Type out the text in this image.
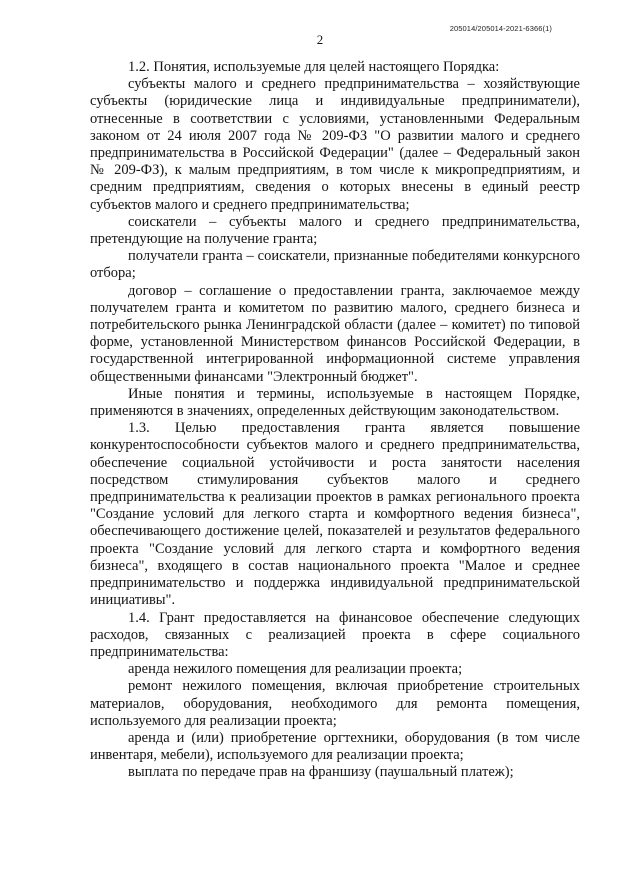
205014/205014-2021-6366(1)
2

1.2. Понятия, используемые для целей настоящего Порядка:

субъекты малого и среднего предпринимательства – хозяйствующие субъекты (юридические лица и индивидуальные предприниматели), отнесенные в соответствии с условиями, установленными Федеральным законом от 24 июля 2007 года № 209-ФЗ "О развитии малого и среднего предпринимательства в Российской Федерации" (далее – Федеральный закон № 209-ФЗ), к малым предприятиям, в том числе к микропредприятиям, и средним предприятиям, сведения о которых внесены в единый реестр субъектов малого и среднего предпринимательства;

соискатели – субъекты малого и среднего предпринимательства, претендующие на получение гранта;

получатели гранта – соискатели, признанные победителями конкурсного отбора;

договор – соглашение о предоставлении гранта, заключаемое между получателем гранта и комитетом по развитию малого, среднего бизнеса и потребительского рынка Ленинградской области (далее – комитет) по типовой форме, установленной Министерством финансов Российской Федерации, в государственной интегрированной информационной системе управления общественными финансами "Электронный бюджет".

Иные понятия и термины, используемые в настоящем Порядке, применяются в значениях, определенных действующим законодательством.

1.3. Целью предоставления гранта является повышение конкурентоспособности субъектов малого и среднего предпринимательства, обеспечение социальной устойчивости и роста занятости населения посредством стимулирования субъектов малого и среднего предпринимательства к реализации проектов в рамках регионального проекта "Создание условий для легкого старта и комфортного ведения бизнеса", обеспечивающего достижение целей, показателей и результатов федерального проекта "Создание условий для легкого старта и комфортного ведения бизнеса", входящего в состав национального проекта "Малое и среднее предпринимательство и поддержка индивидуальной предпринимательской инициативы".

1.4. Грант предоставляется на финансовое обеспечение следующих расходов, связанных с реализацией проекта в сфере социального предпринимательства:

аренда нежилого помещения для реализации проекта;

ремонт нежилого помещения, включая приобретение строительных материалов, оборудования, необходимого для ремонта помещения, используемого для реализации проекта;

аренда и (или) приобретение оргтехники, оборудования (в том числе инвентаря, мебели), используемого для реализации проекта;

выплата по передаче прав на франшизу (паушальный платеж);
